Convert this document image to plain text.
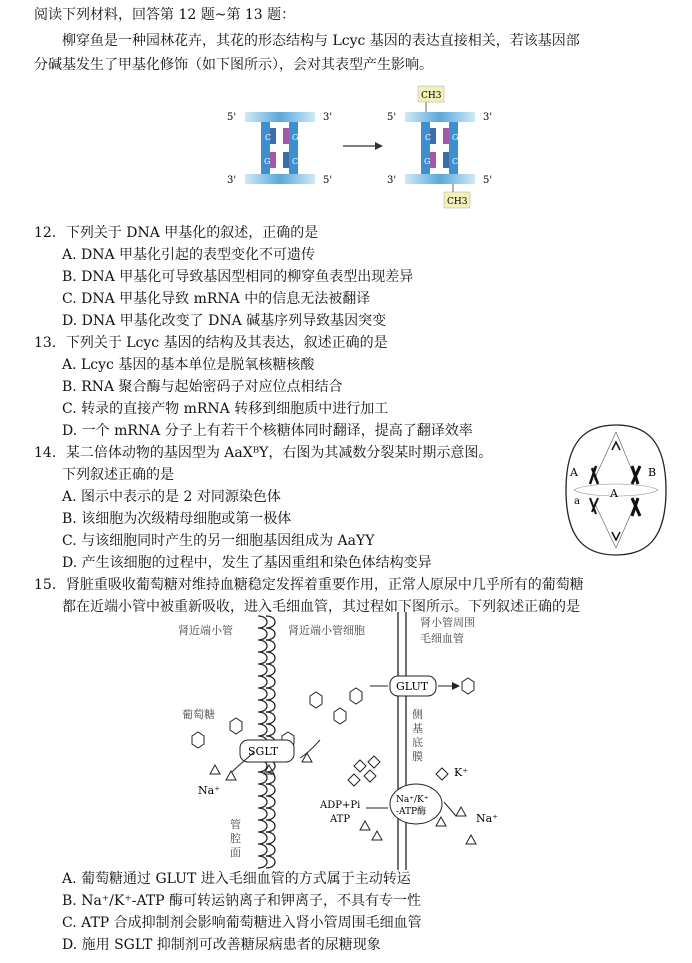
阅读下列材料，回答第 12 题~第 13 题：
柳穿鱼是一种园林花卉，其花的形态结构与 Lcyc 基因的表达直接相关，若该基因部
分碱基发生了甲基化修饰（如下图所示），会对其表型产生影响。
C	G
C
G
5'	3'
3'	5'
C	G
C
G
CH3
CH3
5'	3'
3'	5'
12．下列关于 DNA 甲基化的叙述，正确的是
A. DNA 甲基化引起的表型变化不可遗传
B. DNA 甲基化可导致基因型相同的柳穿鱼表型出现差异
C. DNA 甲基化导致 mRNA 中的信息无法被翻译
D. DNA 甲基化改变了 DNA 碱基序列导致基因突变
13．下列关于 Lcyc 基因的结构及其表达，叙述正确的是
A. Lcyc 基因的基本单位是脱氧核糖核酸
B. RNA 聚合酶与起始密码子对应位点相结合
C. 转录的直接产物 mRNA 转移到细胞质中进行加工
D. 一个 mRNA 分子上有若干个核糖体同时翻译，提高了翻译效率
14．某二倍体动物的基因型为 AaXᴮY，右图为其减数分裂某时期示意图。
下列叙述正确的是
A. 图示中表示的是 2 对同源染色体
B. 该细胞为次级精母细胞或第一极体
C. 与该细胞同时产生的另一细胞基因组成为 AaYY
D. 产生该细胞的过程中，发生了基因重组和染色体结构变异
A
A
B
a
15．肾脏重吸收葡萄糖对维持血糖稳定发挥着重要作用，正常人原尿中几乎所有的葡萄糖
都在近端小管中被重新吸收，进入毛细血管，其过程如下图所示。下列叙述正确的是
肾近端小管	肾近端小管细胞
肾小管周围
毛细血管
GLUT
葡萄糖
SGLT
Na⁺
K⁺
Na⁺/K⁺
-ATP酶
ADP+Pi
ATP	Na⁺
侧
基
底
膜
管
腔
面
A. 葡萄糖通过 GLUT 进入毛细血管的方式属于主动转运
B. Na⁺/K⁺-ATP 酶可转运钠离子和钾离子，不具有专一性
C. ATP 合成抑制剂会影响葡萄糖进入肾小管周围毛细血管
D. 施用 SGLT 抑制剂可改善糖尿病患者的尿糖现象
